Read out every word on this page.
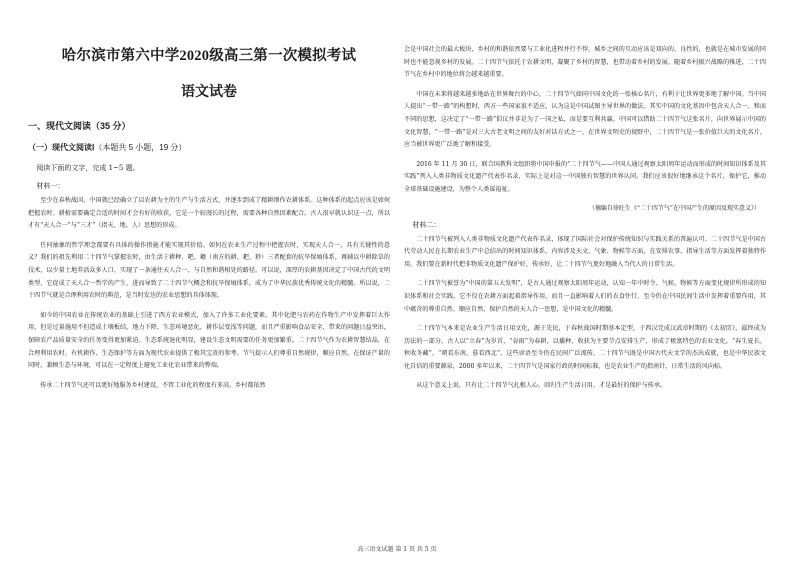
哈尔滨市第六中学2020级高三第一次模拟考试
语文试卷
一、现代文阅读（35 分）
（一）现代文阅读Ⅰ（本题共 5 小题，19 分）
阅读下面的文字，完成 1~5 题。
材料一：

至少在春秋战国，中国就已经确立了以农耕为主的生产与生活方式，并逐步到成了精耕细作农耕体系。这种体系的起点应该是如何把握农时。耕植需要确定合适的时间才会有好的收获，它是一个较漫长的过程，需要各种自然因素配合。古人很早就认识这一点，所以才有“天人合一”与“三才”（指天、地、人）思想的形成。

任何抽象的哲学理念都要有具体的操作措施才能实现其价值。如何在农业生产过程中把握农时，实现天人合一，具有关键性的意义？我们的祖先利用二十四节气掌握农时，由生活于耕种、耙、耱（南方的耕、耙、耖）三者配套的抗旱保墒体系，再辅以中耕除草的技术，以少量土地养活众多人口，实现了一条通往天人合一、与自然和谐相处的路径。可以说，深厚的农耕基因决定了中国古代的文明类型，它促成了天人合一哲学的产生，进而导致了二十四节气概念和抗旱保墒体系，成为了中华民族优秀传统文化的精髓。所以说，二十四节气就是合理利用农时的典范，是当时发达的农业思想的具体体现。

如今的中国农业在传统农业的基础上引进了西方农业模式，加入了许多工业化要素。其中化肥与农药在作物生产中发挥着巨大作用，但是过量施用不但造成土壤板结、地力下降、生态环境恶化，耕作层变浅等问题，而且严重影响食品安全，带来的问题日益突出，保障农产品质量安全的任务变得更加紧迫。生态系统退化明显，建设生态文明需要的任务更加繁重。二十四节气作为农耕智慧结晶，在合理利用农时、有机耕作、生态保护等方面为现代农业提供了极其宝贵的参考。节气提示人们尊重自然规律，顺应自然，在保证产量的同时，兼顾生态与环境，可以在一定程度上避免工业化农业带来的弊端。

传承二十四节气还可以更好地服务乡村建设，不管工业化的程度有多高，乡村都依然

会是中国社会的最大板块，乡村的和谐依然要与工业化进程并行不悖，城乡之间的互动应该是双向的、良性的，也就是在城市发展的同时也不能忽视乡村的发展。二十四节气依托于农耕文明，凝聚了乡村的智慧，也带动着乡村的发展。随着乡村振兴战略的推进，二十四节气在乡村中的地位将会越来越重要。

中国在未来将越来越多地站在世界舞台的中心，二十四节气如同中国文化的一张核心名片，有利于让世界更多地了解中国。当中国人提出“一带一路”的构想时，西方一些国家很不适应，认为这是中国试图主导世界的做法。其实中国的文化基因中包含天人合一、和而不同的思想，这决定了“一带一路”倡议并非是为了一国之私，而是要互利共赢。中国可以借助二十四节气这张名片，向世界展示中国的文化智慧，“一带一路”是对三大古老文明之间的友好对话方式之一，在世界文明史的视野中，二十四节气是一张价值巨大的文化名片，应当被世界更广泛地了解和接受。

2016 年 11 月 30 日，联合国教科文组织将中国申报的“二十四节气——中国人通过观察太阳周年运动而形成的时间知识体系及其实践”列入人类非物质文化遗产代表作名录，实际上是对这一中国独有智慧的世界认同。我们应该很好地继承这个名片，保护它，推动全球基础设施建设，为整个人类谋福祉。

（摘编自徐旺生《“二十四节气”在中国产生的原因及现实意义》）
材料二：

二十四节气被列入人类非物质文化遗产代表作名录，体现了国际社会对保护传统知识与实践关系的普遍认可。二十四节气是中国古代劳动人民在长期农业生产中总结出的时间知识体系，内容涉及天文、气象、物候等方面，在安排农事、指导生活等方面发挥着独特作用。我们要在新时代把非物质文化遗产保护好，传承好，让二十四节气更好地融入当代人的日常生活。

二十四节气被誉为“中国的第五大发明”，是古人通过观察太阳周年运动，认知一年中时令、气候、物候等方面变化规律所形成的知识体系和社会实践。它不仅在农耕方面起着指导作用，而且一直影响着人们的衣食住行，至今仍在中国民间生活中发挥着重要作用，其中蕴含的尊重自然、顺应自然、保护自然的天人合一思想，是中国文化的精髓。

二十四节气本来是农业生产生活日用文化，源于先民，于春秋战国时期基本定型，于西汉完成汉武帝时期的《太初历》，最终成为历法的一部分。古人以“立春”为岁首，“谷雨”为春耕，以播种、收获为主要节点安排生产，形成了极富特色的农业文化。“春生夏长，秋收冬藏”，“朝看东南，暮看西北”，这些谚语至今仍在民间广泛流传。二十四节气既是中国古代天文学的杰出成就，也是中华民族文化自信的重要源泉，2000 多年以来，二十四节气是国家行政的时间标准，也是农业生产的指南针、日常生活的风向标。

从这个意义上说，只有让二十四节气扎根人心，回归生产生活日用，才是最好的保护与传承。

高三语文试题 第 1 页 共 5 页
